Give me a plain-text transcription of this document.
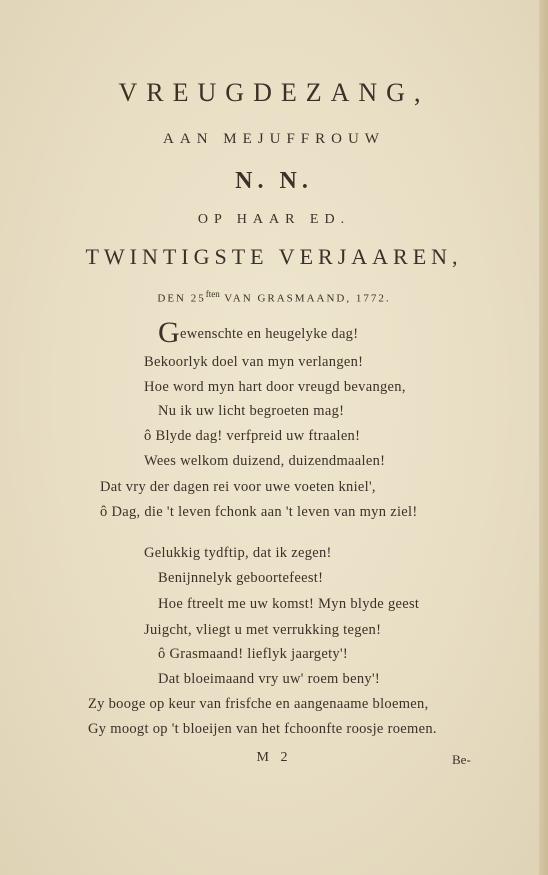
VREUGDEZANG,
AAN MEJUFFROUW
N. N.
OP HAAR ED.
TWINTIGSTE VERJAAREN,
DEN $25^{ften}$ VAN GRASMAAND, 1772.
Gewenschte en heugelyke dag!
Bekoorlyk doel van myn verlangen!
Hoe word myn hart door vreugd bevangen,
Nu ik uw licht begroeten mag!
ô Blyde dag! verfpreid uw ftraalen!
Wees welkom duizend, duizendmaalen!
Dat vry der dagen rei voor uwe voeten kniel',
ô Dag, die 't leven fchonk aan 't leven van myn ziel!
Gelukkig tydftip, dat ik zegen!
Benijnnelyk geboortefeest!
Hoe ftreelt me uw komst! Myn blyde geest
Juigcht, vliegt u met verrukking tegen!
ô Grasmaand! lieflyk jaargety'!
Dat bloeimaand vry uw' roem beny'!
Zy booge op keur van frisfche en aangenaame bloemen,
Gy moogt op 't bloeijen van het fchoonfte roosje roemen.
M 2	Be-
